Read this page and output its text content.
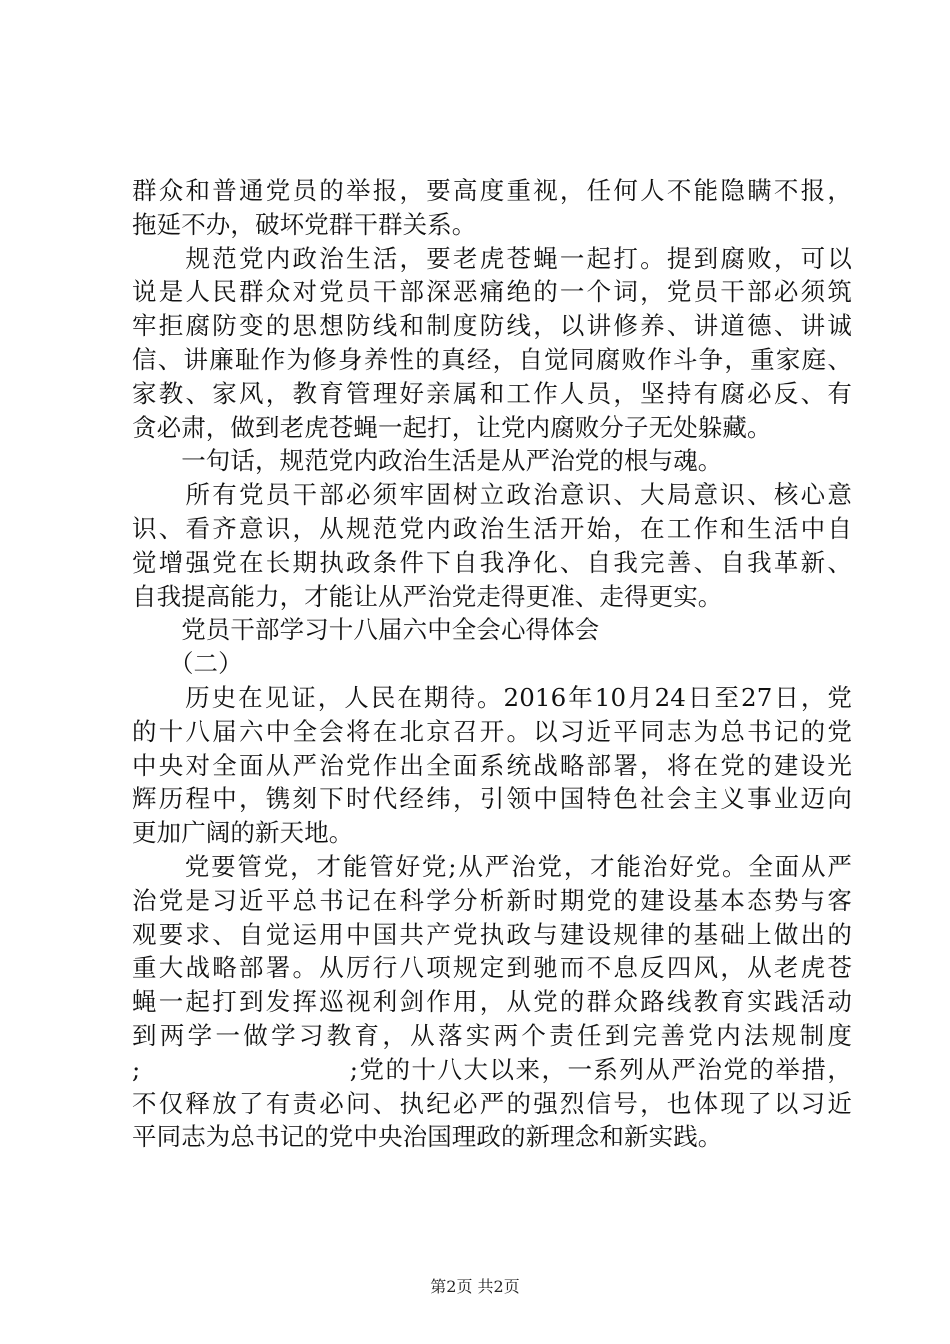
群众和普通党员的举报，要高度重视，任何人不能隐瞒不报，
拖延不办，破坏党群干群关系。
　　规范党内政治生活，要老虎苍蝇一起打。提到腐败，可以
说是人民群众对党员干部深恶痛绝的一个词，党员干部必须筑
牢拒腐防变的思想防线和制度防线，以讲修养、讲道德、讲诚
信、讲廉耻作为修身养性的真经，自觉同腐败作斗争，重家庭、
家教、家风，教育管理好亲属和工作人员，坚持有腐必反、有
贪必肃，做到老虎苍蝇一起打，让党内腐败分子无处躲藏。
　　一句话，规范党内政治生活是从严治党的根与魂。
　　所有党员干部必须牢固树立政治意识、大局意识、核心意
识、看齐意识，从规范党内政治生活开始，在工作和生活中自
觉增强党在长期执政条件下自我净化、自我完善、自我革新、
自我提高能力，才能让从严治党走得更准、走得更实。
　　党员干部学习十八届六中全会心得体会
　　（二）
　　历史在见证，人民在期待。2016年10月24日至27日，党
的十八届六中全会将在北京召开。以习近平同志为总书记的党
中央对全面从严治党作出全面系统战略部署，将在党的建设光
辉历程中，镌刻下时代经纬，引领中国特色社会主义事业迈向
更加广阔的新天地。
　　党要管党，才能管好党;从严治党，才能治好党。全面从严
治党是习近平总书记在科学分析新时期党的建设基本态势与客
观要求、自觉运用中国共产党执政与建设规律的基础上做出的
重大战略部署。从厉行八项规定到驰而不息反四风，从老虎苍
蝇一起打到发挥巡视利剑作用，从党的群众路线教育实践活动
到两学一做学习教育，从落实两个责任到完善党内法规制度
;　　　　　　　　;党的十八大以来，一系列从严治党的举措，
不仅释放了有责必问、执纪必严的强烈信号，也体现了以习近
平同志为总书记的党中央治国理政的新理念和新实践。
第2页 共2页
